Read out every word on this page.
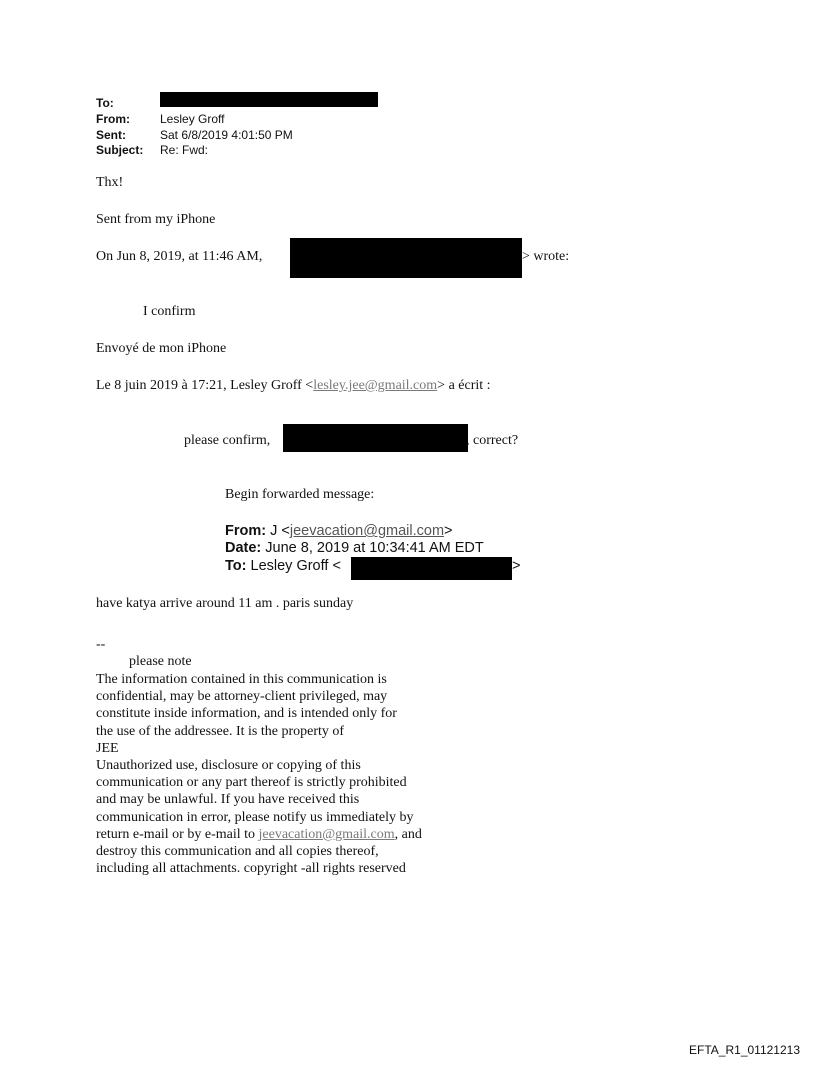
To:
From:	Lesley Groff
Sent:	Sat 6/8/2019 4:01:50 PM
Subject: Re: Fwd:
Thx!
Sent from my iPhone
On Jun 8, 2019, at 11:46 AM,	> wrote:
I confirm
Envoyé de mon iPhone
Le 8 juin 2019 à 17:21, Lesley Groff <lesley.jee@gmail.com> a écrit :
please confirm,	, correct?
Begin forwarded message:
From: J <jeevacation@gmail.com>
Date: June 8, 2019 at 10:34:41 AM EDT
To: Lesley Groff <	>
have katya arrive around 11 am . paris sunday
--
please note
The information contained in this communication is
confidential, may be attorney-client privileged, may
constitute inside information, and is intended only for
the use of the addressee. It is the property of
JEE
Unauthorized use, disclosure or copying of this
communication or any part thereof is strictly prohibited
and may be unlawful. If you have received this
communication in error, please notify us immediately by
return e-mail or by e-mail to jeevacation@gmail.com, and
destroy this communication and all copies thereof,
including all attachments. copyright -all rights reserved
EFTA_R1_01121213
